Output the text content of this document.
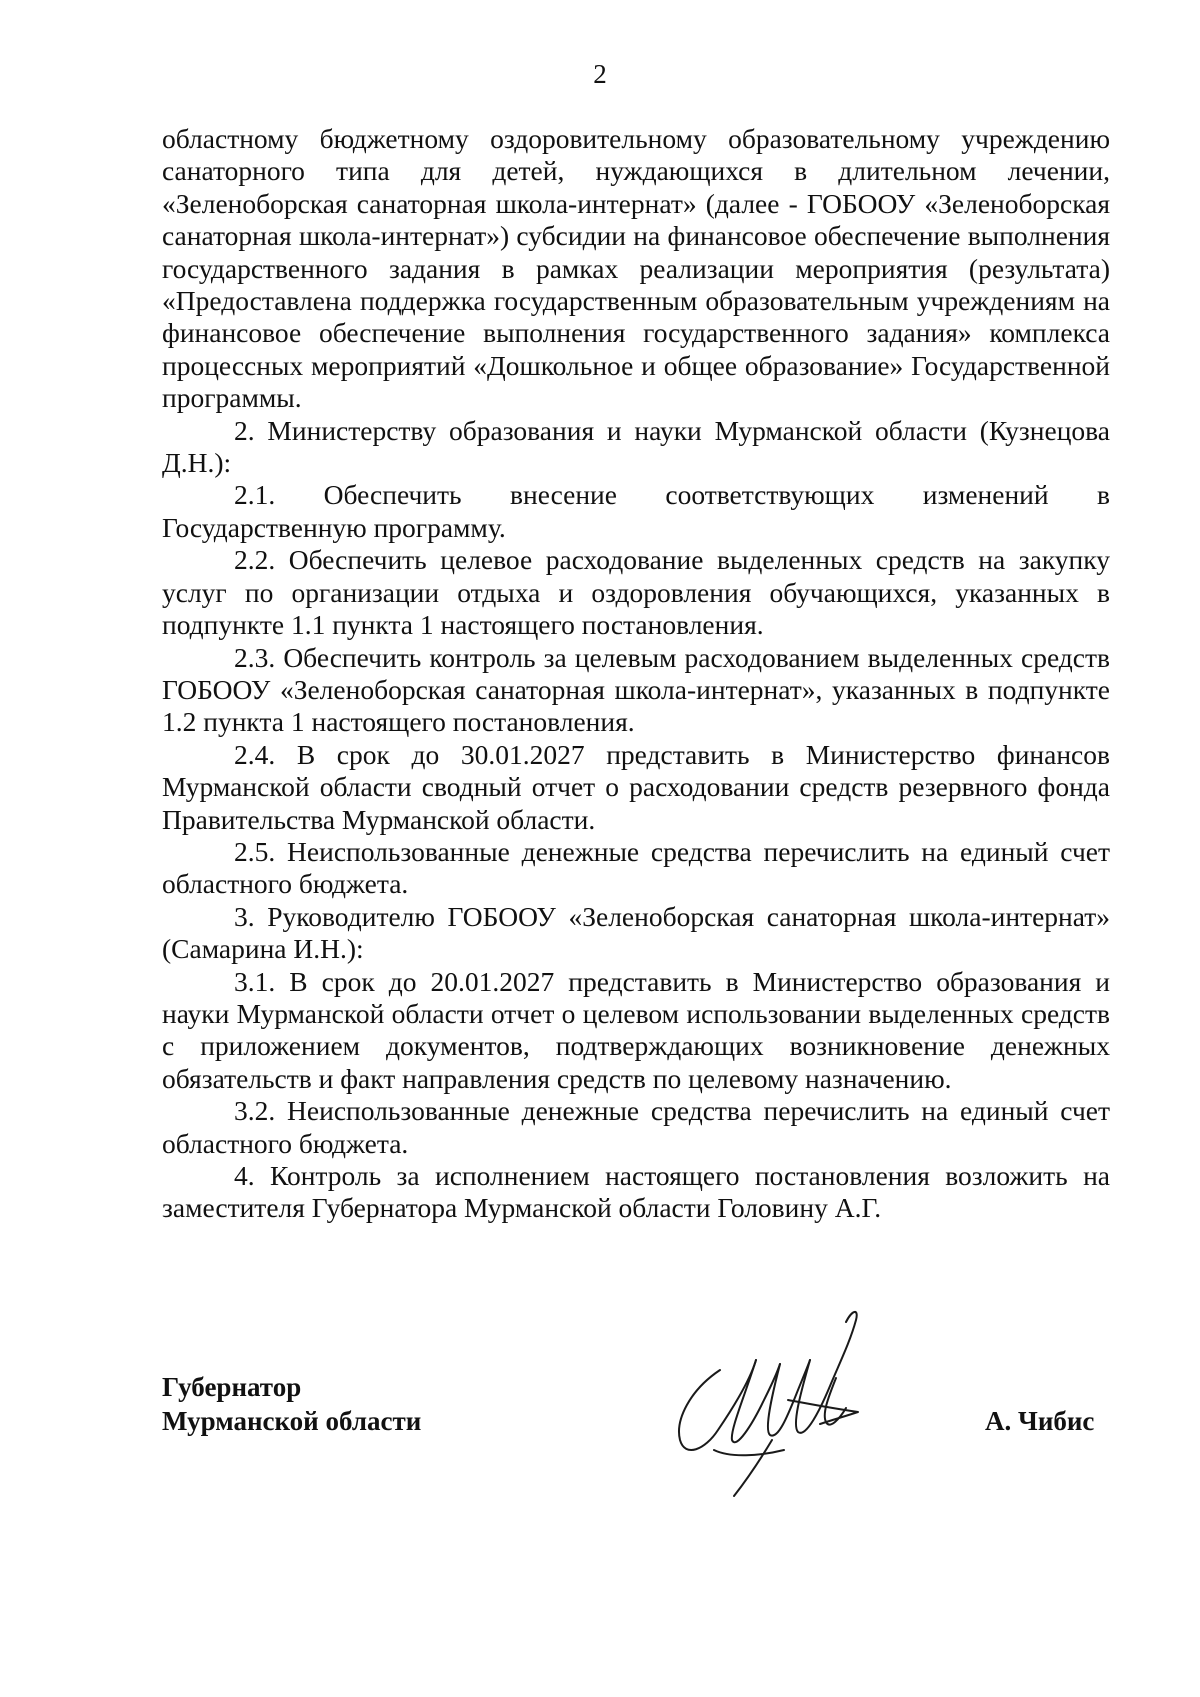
2

областному бюджетному оздоровительному образовательному учреждению санаторного типа для детей, нуждающихся в длительном лечении, «Зеленоборская санаторная школа-интернат» (далее - ГОБООУ «Зеленоборская санаторная школа-интернат») субсидии на финансовое обеспечение выполнения государственного задания в рамках реализации мероприятия (результата) «Предоставлена поддержка государственным образовательным учреждениям на финансовое обеспечение выполнения государственного задания» комплекса процессных мероприятий «Дошкольное и общее образование» Государственной программы.

2. Министерству образования и науки Мурманской области (Кузнецова Д.Н.):

2.1. Обеспечить внесение соответствующих изменений в Государственную программу.

2.2. Обеспечить целевое расходование выделенных средств на закупку услуг по организации отдыха и оздоровления обучающихся, указанных в подпункте 1.1 пункта 1 настоящего постановления.

2.3. Обеспечить контроль за целевым расходованием выделенных средств ГОБООУ «Зеленоборская санаторная школа-интернат», указанных в подпункте 1.2 пункта 1 настоящего постановления.

2.4. В срок до 30.01.2027 представить в Министерство финансов Мурманской области сводный отчет о расходовании средств резервного фонда Правительства Мурманской области.

2.5. Неиспользованные денежные средства перечислить на единый счет областного бюджета.

3. Руководителю ГОБООУ «Зеленоборская санаторная школа-интернат» (Самарина И.Н.):

3.1. В срок до 20.01.2027 представить в Министерство образования и науки Мурманской области отчет о целевом использовании выделенных средств с приложением документов, подтверждающих возникновение денежных обязательств и факт направления средств по целевому назначению.

3.2. Неиспользованные денежные средства перечислить на единый счет областного бюджета.

4. Контроль за исполнением настоящего постановления возложить на заместителя Губернатора Мурманской области Головину А.Г.

Губернатор
Мурманской области	А. Чибис
